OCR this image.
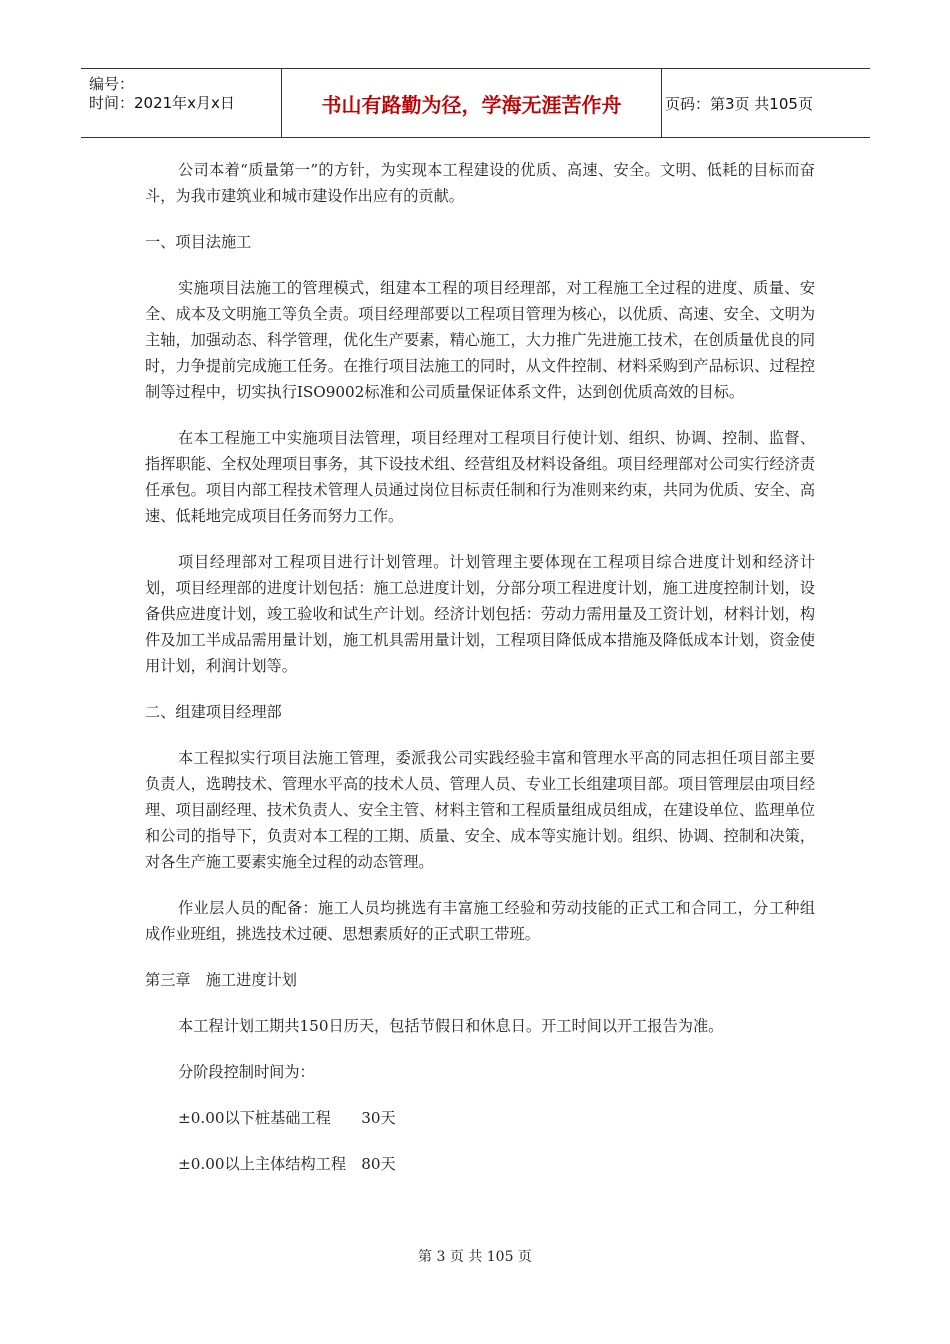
编号：
时间：2021年x月x日	书山有路勤为径，学海无涯苦作舟	页码：第3页 共105页

公司本着“质量第一”的方针，为实现本工程建设的优质、高速、安全。文明、低耗的目标而奋斗，为我市建筑业和城市建设作出应有的贡献。

一、项目法施工

实施项目法施工的管理模式，组建本工程的项目经理部，对工程施工全过程的进度、质量、安全、成本及文明施工等负全责。项目经理部要以工程项目管理为核心，以优质、高速、安全、文明为主轴，加强动态、科学管理，优化生产要素，精心施工，大力推广先进施工技术，在创质量优良的同时，力争提前完成施工任务。在推行项目法施工的同时，从文件控制、材料采购到产品标识、过程控制等过程中，切实执行ISO9002标准和公司质量保证体系文件，达到创优质高效的目标。

在本工程施工中实施项目法管理，项目经理对工程项目行使计划、组织、协调、控制、监督、指挥职能、全权处理项目事务，其下设技术组、经营组及材料设备组。项目经理部对公司实行经济责任承包。项目内部工程技术管理人员通过岗位目标责任制和行为准则来约束，共同为优质、安全、高速、低耗地完成项目任务而努力工作。

项目经理部对工程项目进行计划管理。计划管理主要体现在工程项目综合进度计划和经济计划，项目经理部的进度计划包括：施工总进度计划，分部分项工程进度计划，施工进度控制计划，设备供应进度计划，竣工验收和试生产计划。经济计划包括：劳动力需用量及工资计划，材料计划，构件及加工半成品需用量计划，施工机具需用量计划，工程项目降低成本措施及降低成本计划，资金使用计划，利润计划等。

二、组建项目经理部

本工程拟实行项目法施工管理，委派我公司实践经验丰富和管理水平高的同志担任项目部主要负责人，选聘技术、管理水平高的技术人员、管理人员、专业工长组建项目部。项目管理层由项目经理、项目副经理、技术负责人、安全主管、材料主管和工程质量组成员组成，在建设单位、监理单位和公司的指导下，负责对本工程的工期、质量、安全、成本等实施计划。组织、协调、控制和决策，对各生产施工要素实施全过程的动态管理。

作业层人员的配备：施工人员均挑选有丰富施工经验和劳动技能的正式工和合同工，分工种组成作业班组，挑选技术过硬、思想素质好的正式职工带班。

第三章　施工进度计划

本工程计划工期共150日历天，包括节假日和休息日。开工时间以开工报告为准。

分阶段控制时间为：

±0.00以下桩基础工程　　30天

±0.00以上主体结构工程　80天

第 3 页 共 105 页
